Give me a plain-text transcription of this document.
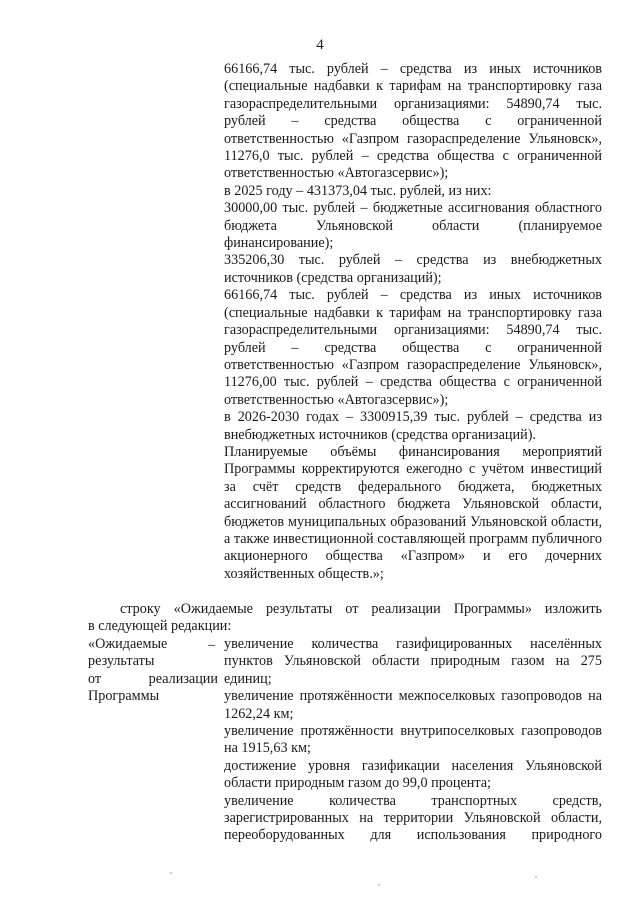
4

66166,74 тыс. рублей – средства из иных источников (специальные надбавки к тарифам на транспортировку газа газораспределительными организациями: 54890,74 тыс. рублей – средства общества с ограниченной ответственностью «Газпром газораспределение Ульяновск», 11276,0 тыс. рублей – средства общества с ограниченной ответственностью «Автогазсервис»);

в 2025 году – 431373,04 тыс. рублей, из них:

30000,00 тыс. рублей – бюджетные ассигнования областного бюджета Ульяновской области (планируемое финансирование);

335206,30 тыс. рублей – средства из внебюджетных источников (средства организаций);

66166,74 тыс. рублей – средства из иных источников (специальные надбавки к тарифам на транспортировку газа газораспределительными организациями: 54890,74 тыс. рублей – средства общества с ограниченной ответственностью «Газпром газораспределение Ульяновск», 11276,00 тыс. рублей – средства общества с ограниченной ответственностью «Автогазсервис»);

в 2026-2030 годах – 3300915,39 тыс. рублей – средства из внебюджетных источников (средства организаций).

Планируемые объёмы финансирования мероприятий Программы корректируются ежегодно с учётом инвестиций за счёт средств федерального бюджета, бюджетных ассигнований областного бюджета Ульяновской области, бюджетов муниципальных образований Ульяновской области, а также инвестиционной составляющей программ публичного акционерного общества «Газпром» и его дочерних хозяйственных обществ.»;

строку «Ожидаемые результаты от реализации Программы» изложить

в следующей редакции:

«Ожидаемые
результаты
от	реализации
Программы
– увеличение количества газифицированных населённых пунктов Ульяновской области природным газом на 275 единиц;

увеличение протяжённости межпоселковых газопроводов на 1262,24 км;

увеличение протяжённости внутрипоселковых газопроводов на 1915,63 км;

достижение уровня газификации населения Ульяновской области природным газом до 99,0 процента;

увеличение количества транспортных средств, зарегистрированных на территории Ульяновской области, переоборудованных для использования природного
